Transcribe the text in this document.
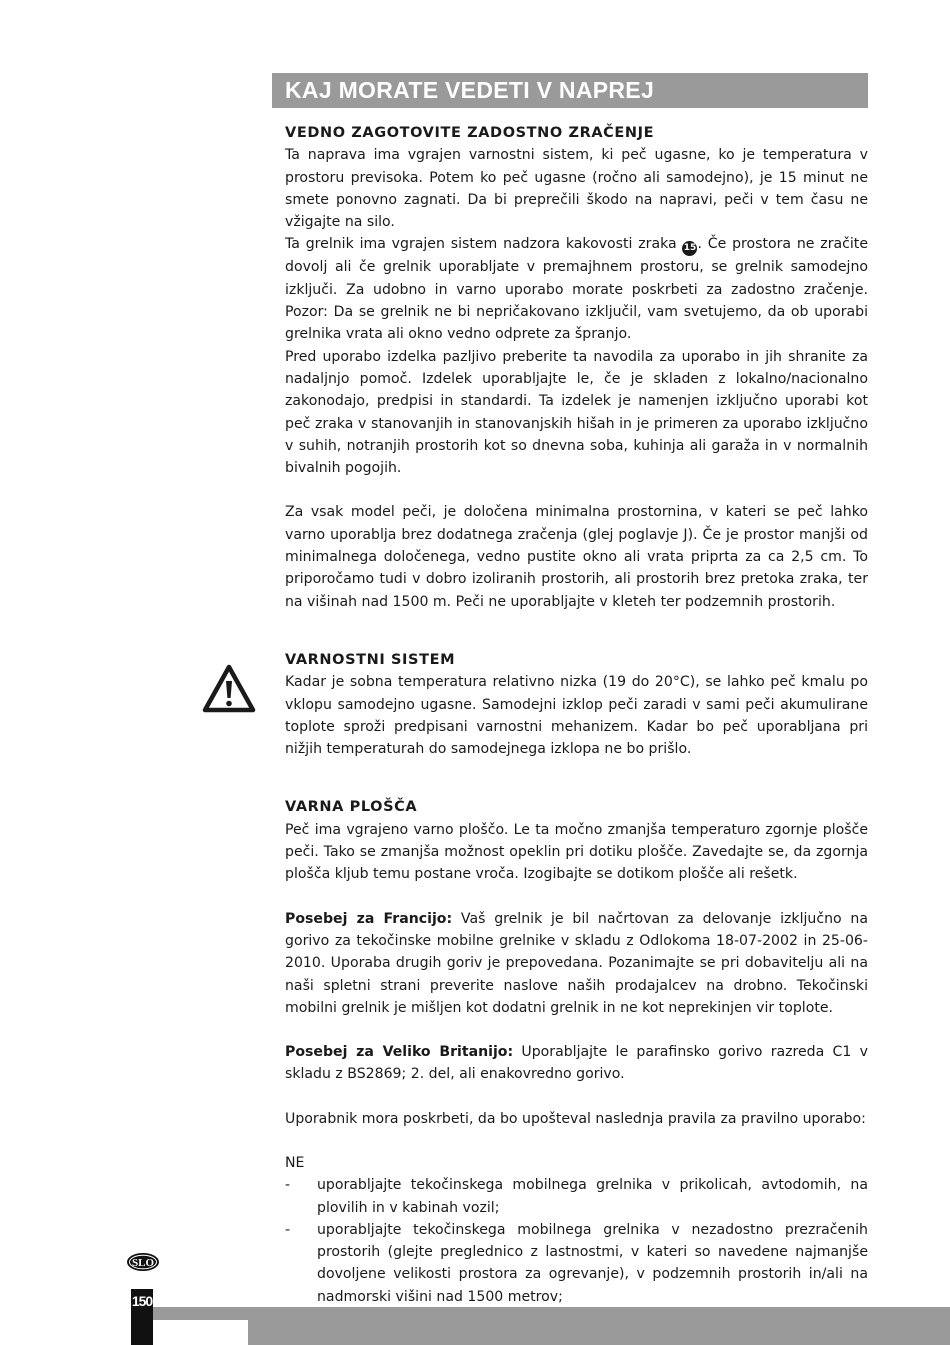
KAJ MORATE VEDETI V NAPREJ

VEDNO ZAGOTOVITE ZADOSTNO ZRAČENJE

Ta naprava ima vgrajen varnostni sistem, ki peč ugasne, ko je temperatura v prostoru previsoka. Potem ko peč ugasne (ročno ali samodejno), je 15 minut ne smete ponovno zagnati. Da bi preprečili škodo na napravi, peči v tem času ne vžigajte na silo.

Ta grelnik ima vgrajen sistem nadzora kakovosti zraka 15. Če prostora ne zračite dovolj ali če grelnik uporabljate v premajhnem prostoru, se grelnik samodejno izključi. Za udobno in varno uporabo morate poskrbeti za zadostno zračenje. Pozor: Da se grelnik ne bi nepričakovano izklјučil, vam svetujemo, da ob uporabi grelnika vrata ali okno vedno odprete za špranjo.

Pred uporabo izdelka pazljivo preberite ta navodila za uporabo in jih shranite za nadaljnjo pomoč. Izdelek uporabljajte le, če je skladen z lokalno/nacionalno zakonodajo, predpisi in standardi. Ta izdelek je namenjen izključno uporabi kot peč zraka v stanovanjih in stanovanjskih hišah in je primeren za uporabo izključno v suhih, notranjih prostorih kot so dnevna soba, kuhinja ali garaža in v normalnih bivalnih pogojih.

Za vsak model peči, je določena minimalna prostornina, v kateri se peč lahko varno uporablja brez dodatnega zračenja (glej poglavje J). Če je prostor manjši od minimalnega določenega, vedno pustite okno ali vrata priprta za ca 2,5 cm. To priporočamo tudi v dobro izoliranih prostorih, ali prostorih brez pretoka zraka, ter na višinah nad 1500 m. Peči ne uporabljajte v kleteh ter podzemnih prostorih.

VARNOSTNI SISTEM

Kadar je sobna temperatura relativno nizka (19 do 20°C), se lahko peč kmalu po vklopu samodejno ugasne. Samodejni izklop peči zaradi v sami peči akumulirane toplote sproži predpisani varnostni mehanizem. Kadar bo peč uporabljana pri nižjih temperaturah do samodejnega izklopa ne bo prišlo.

VARNA PLOŠČA

Peč ima vgrajeno varno ploščo. Le ta močno zmanjša temperaturo zgornje plošče peči. Tako se zmanjša možnost opeklin pri dotiku plošče. Zavedajte se, da zgornja plošča kljub temu postane vroča. Izogibajte se dotikom plošče ali rešetk.

Posebej za Francijo: Vaš grelnik je bil načrtovan za delovanje izključno na gorivo za tekočinske mobilne grelnike v skladu z Odlokoma 18-07-2002 in 25-06-2010. Uporaba drugih goriv je prepovedana. Pozanimajte se pri dobavitelju ali na naši spletni strani preverite naslove naših prodajalcev na drobno. Tekočinski mobilni grelnik je mišljen kot dodatni grelnik in ne kot neprekinjen vir toplote.

Posebej za Veliko Britanijo: Uporabljajte le parafinsko gorivo razreda C1 v skladu z BS2869; 2. del, ali enakovredno gorivo.

Uporabnik mora poskrbeti, da bo upošteval naslednja pravila za pravilno uporabo:

NE

- uporabljajte tekočinskega mobilnega grelnika v prikolicah, avtodomih, na plovilih in v kabinah vozil;
- uporabljajte tekočinskega mobilnega grelnika v nezadostno prezračenih prostorih (glejte preglednico z lastnostmi, v kateri so navedene najmanjše dovoljene velikosti prostora za ogrevanje), v podzemnih prostorih in/ali na nadmorski višini nad 1500 metrov;
SLO
150
